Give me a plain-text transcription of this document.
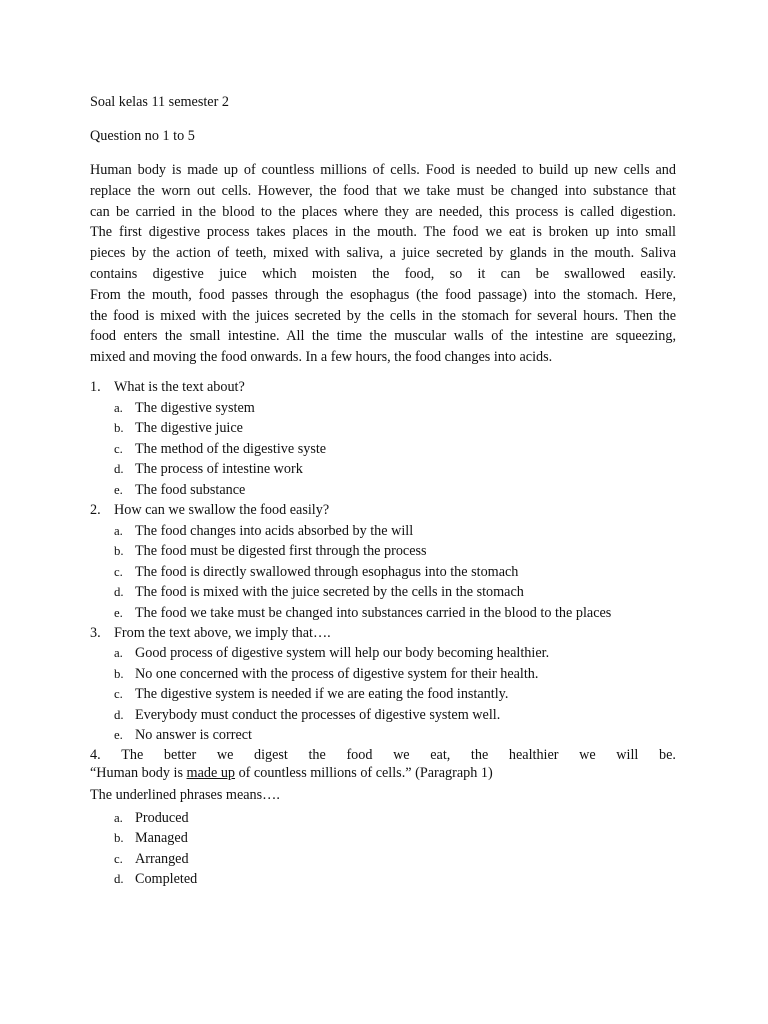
Soal kelas 11 semester 2
Question no 1 to 5
Human body is made up of countless millions of cells. Food is needed to build up new cells and
replace the worn out cells. However, the food that we take must be changed into substance that
can be carried in the blood to the places where they are needed, this process is called digestion.
The first digestive process takes places in the mouth. The food we eat is broken up into small
pieces by the action of teeth, mixed with saliva, a juice secreted by glands in the mouth. Saliva
contains digestive juice which moisten the food, so it can be swallowed easily.
From the mouth, food passes through the esophagus (the food passage) into the stomach. Here,
the food is mixed with the juices secreted by the cells in the stomach for several hours. Then the
food enters the small intestine. All the time the muscular walls of the intestine are squeezing,
mixed and moving the food onwards. In a few hours, the food changes into acids.
1. What is the text about?
a. The digestive system
b. The digestive juice
c. The method of the digestive syste
d. The process of intestine work
e. The food substance
2. How can we swallow the food easily?
a. The food changes into acids absorbed by the will
b. The food must be digested first through the process
c. The food is directly swallowed through esophagus into the stomach
d. The food is mixed with the juice secreted by the cells in the stomach
e. The food we take must be changed into substances carried in the blood to the places
3. From the text above, we imply that….
a. Good process of digestive system will help our body becoming healthier.
b. No one concerned with the process of digestive system for their health.
c. The digestive system is needed if we are eating the food instantly.
d. Everybody must conduct the processes of digestive system well.
e. No answer is correct
4. The better we digest the food we eat, the healthier we will be.
“Human body is made up of countless millions of cells.” (Paragraph 1)
The underlined phrases means….
a. Produced
b. Managed
c. Arranged
d. Completed
